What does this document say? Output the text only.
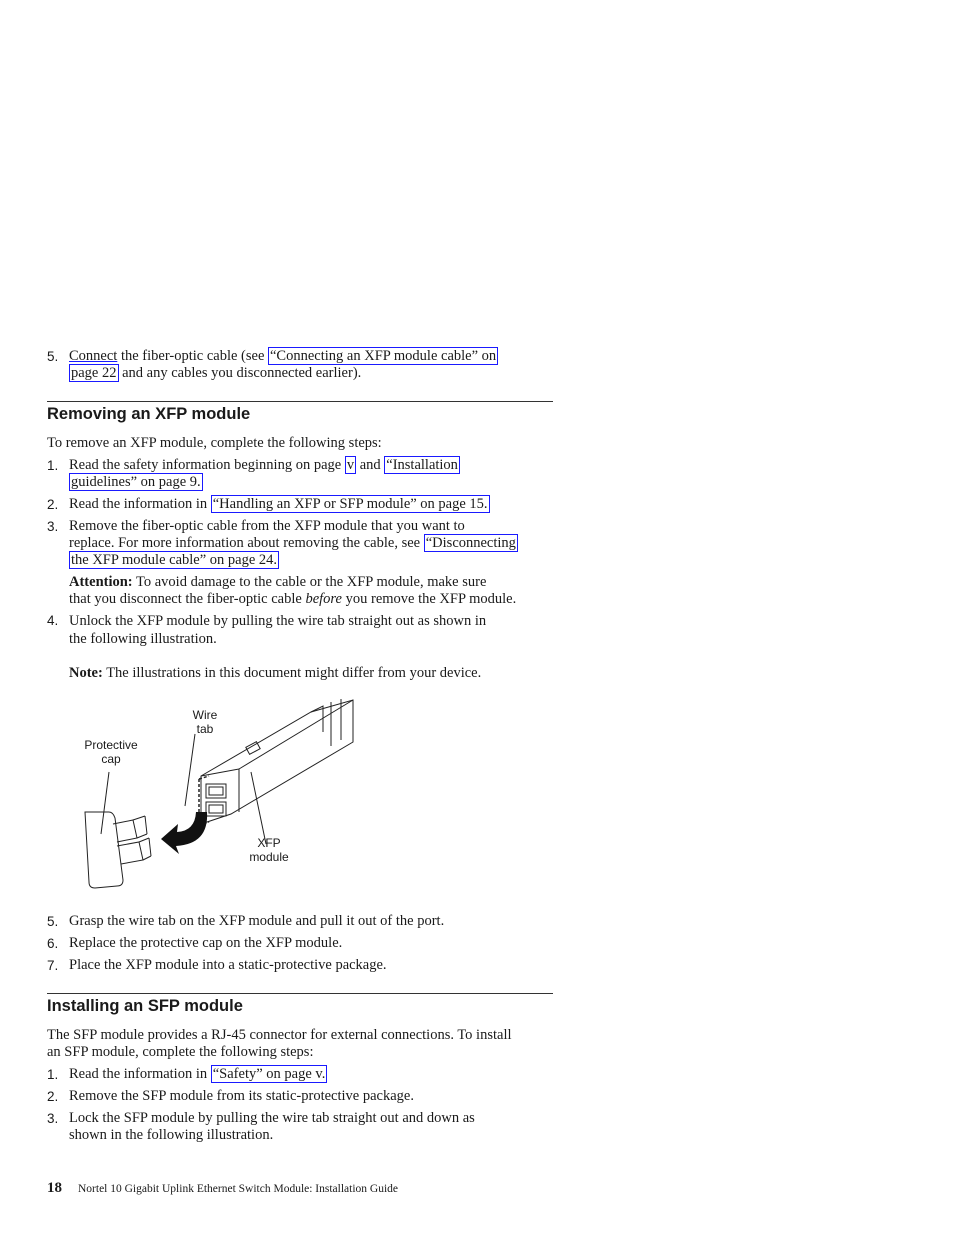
5. Connect the fiber-optic cable (see “Connecting an XFP module cable” on
page 22 and any cables you disconnected earlier).
Removing an XFP module
To remove an XFP module, complete the following steps:
1. Read the safety information beginning on page v and “Installation
guidelines” on page 9.
2. Read the information in “Handling an XFP or SFP module” on page 15.
3. Remove the fiber-optic cable from the XFP module that you want to
replace. For more information about removing the cable, see “Disconnecting
the XFP module cable” on page 24.
Attention: To avoid damage to the cable or the XFP module, make sure
that you disconnect the fiber-optic cable before you remove the XFP module.
4. Unlock the XFP module by pulling the wire tab straight out as shown in
the following illustration.
Note: The illustrations in this document might differ from your device.
Wire
tab
Protective
cap
XFP
module
5. Grasp the wire tab on the XFP module and pull it out of the port.
6. Replace the protective cap on the XFP module.
7. Place the XFP module into a static-protective package.
Installing an SFP module
The SFP module provides a RJ-45 connector for external connections. To install
an SFP module, complete the following steps:
1. Read the information in “Safety” on page v.
2. Remove the SFP module from its static-protective package.
3. Lock the SFP module by pulling the wire tab straight out and down as
shown in the following illustration.
18 Nortel 10 Gigabit Uplink Ethernet Switch Module: Installation Guide
